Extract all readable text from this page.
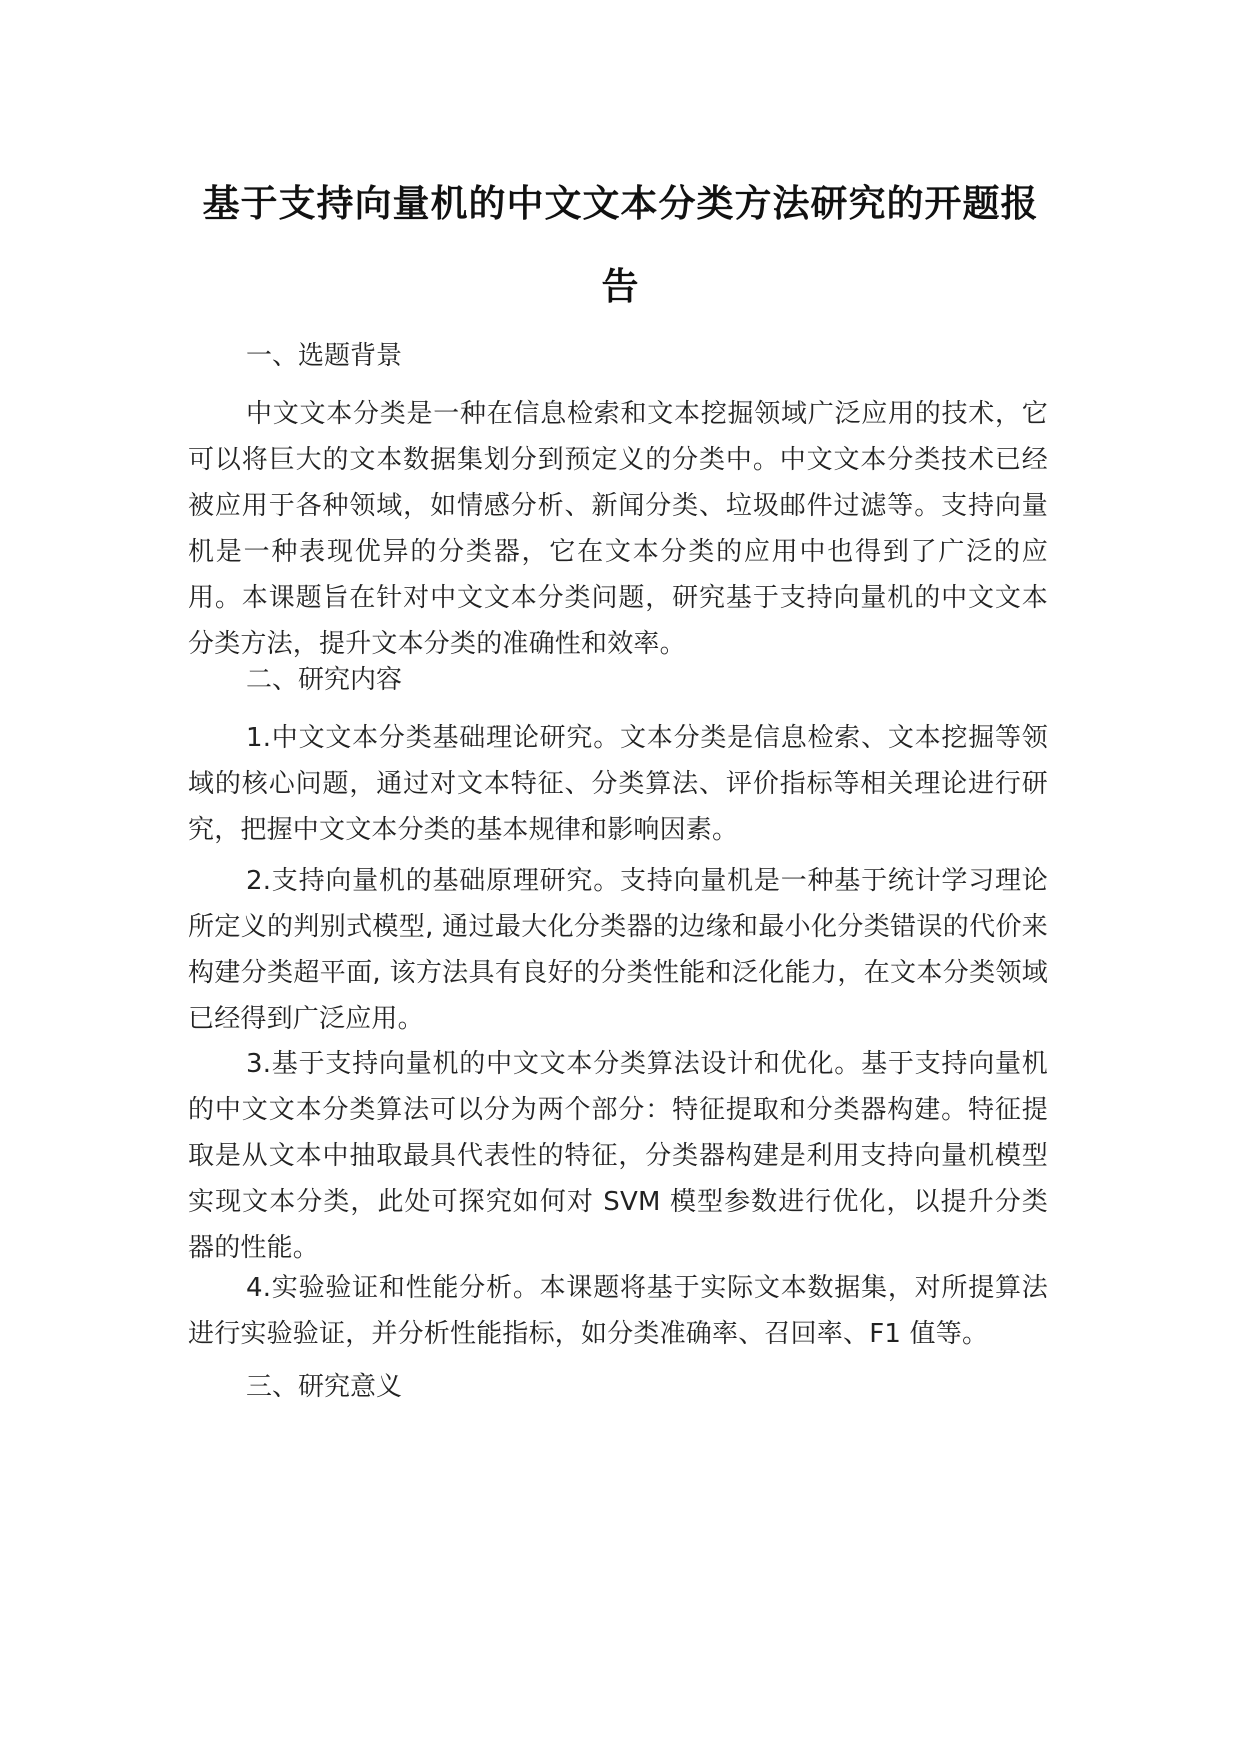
基于支持向量机的中文文本分类方法研究的开题报
告
一、选题背景
中文文本分类是一种在信息检索和文本挖掘领域广泛应用的技术，它可以将巨大的文本数据集划分到预定义的分类中。中文文本分类技术已经被应用于各种领域，如情感分析、新闻分类、垃圾邮件过滤等。支持向量机是一种表现优异的分类器，它在文本分类的应用中也得到了广泛的应用。本课题旨在针对中文文本分类问题，研究基于支持向量机的中文文本分类方法，提升文本分类的准确性和效率。
二、研究内容
1.中文文本分类基础理论研究。文本分类是信息检索、文本挖掘等领域的核心问题，通过对文本特征、分类算法、评价指标等相关理论进行研究，把握中文文本分类的基本规律和影响因素。
2.支持向量机的基础原理研究。支持向量机是一种基于统计学习理论所定义的判别式模型, 通过最大化分类器的边缘和最小化分类错误的代价来构建分类超平面, 该方法具有良好的分类性能和泛化能力，在文本分类领域已经得到广泛应用。
3.基于支持向量机的中文文本分类算法设计和优化。基于支持向量机的中文文本分类算法可以分为两个部分：特征提取和分类器构建。特征提取是从文本中抽取最具代表性的特征，分类器构建是利用支持向量机模型实现文本分类，此处可探究如何对 SVM 模型参数进行优化，以提升分类器的性能。
4.实验验证和性能分析。本课题将基于实际文本数据集，对所提算法进行实验验证，并分析性能指标，如分类准确率、召回率、F1 值等。
三、研究意义
